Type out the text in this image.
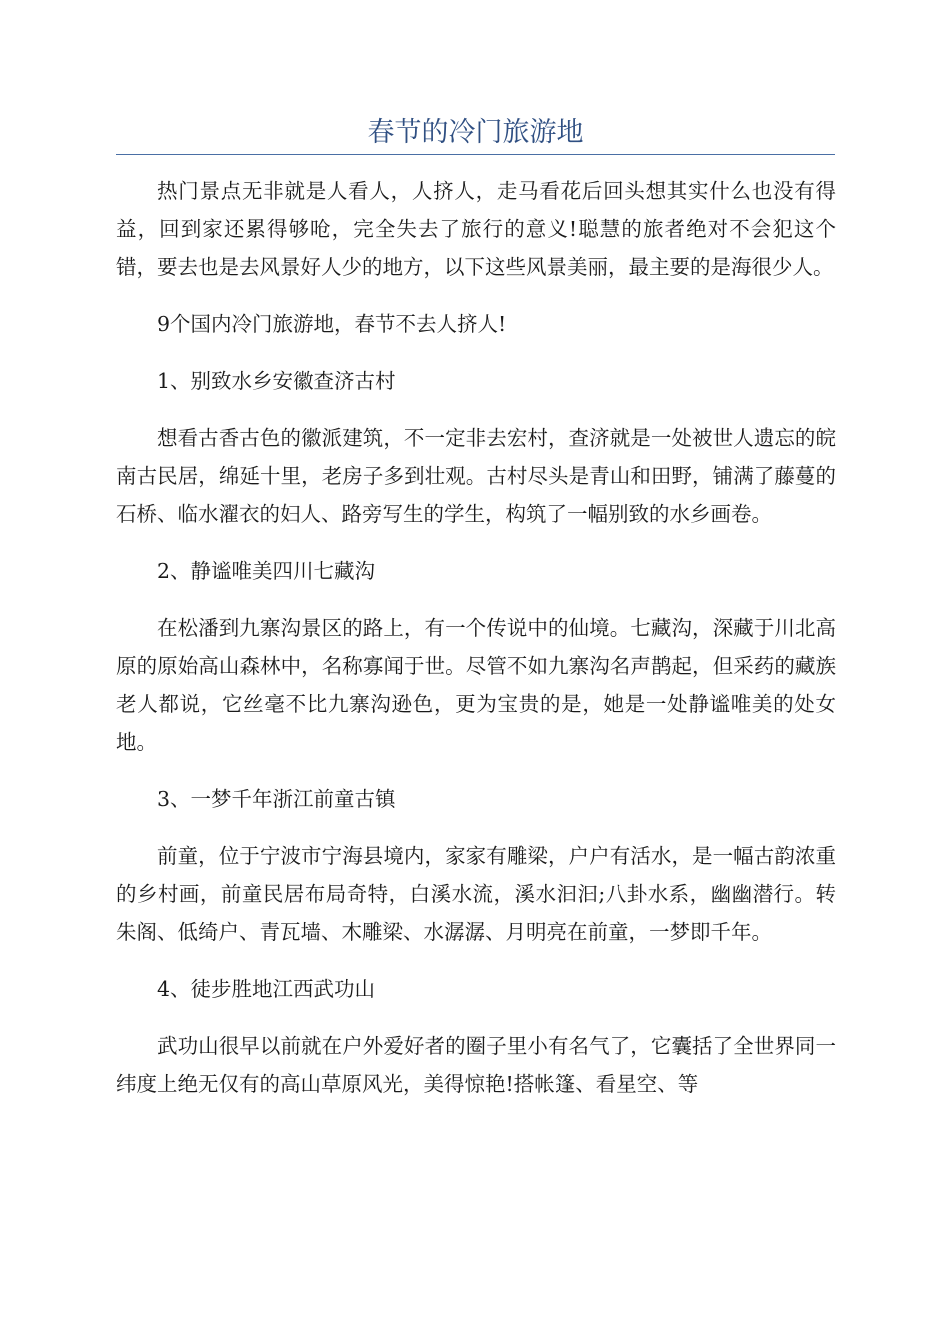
春节的冷门旅游地

热门景点无非就是人看人，人挤人，走马看花后回头想其实什么也没有得益，回到家还累得够呛，完全失去了旅行的意义!聪慧的旅者绝对不会犯这个错，要去也是去风景好人少的地方，以下这些风景美丽，最主要的是海很少人。

9个国内冷门旅游地，春节不去人挤人!

1、别致水乡安徽查济古村

想看古香古色的徽派建筑，不一定非去宏村，查济就是一处被世人遗忘的皖南古民居，绵延十里，老房子多到壮观。古村尽头是青山和田野，铺满了藤蔓的石桥、临水濯衣的妇人、路旁写生的学生，构筑了一幅别致的水乡画卷。

2、静谧唯美四川七藏沟

在松潘到九寨沟景区的路上，有一个传说中的仙境。七藏沟，深藏于川北高原的原始高山森林中，名称寡闻于世。尽管不如九寨沟名声鹊起，但采药的藏族老人都说，它丝毫不比九寨沟逊色，更为宝贵的是，她是一处静谧唯美的处女地。

3、一梦千年浙江前童古镇

前童，位于宁波市宁海县境内，家家有雕梁，户户有活水，是一幅古韵浓重的乡村画，前童民居布局奇特，白溪水流，溪水汩汩;八卦水系，幽幽潜行。转朱阁、低绮户、青瓦墙、木雕梁、水潺潺、月明亮在前童，一梦即千年。

4、徒步胜地江西武功山

武功山很早以前就在户外爱好者的圈子里小有名气了，它囊括了全世界同一纬度上绝无仅有的高山草原风光，美得惊艳!搭帐篷、看星空、等
